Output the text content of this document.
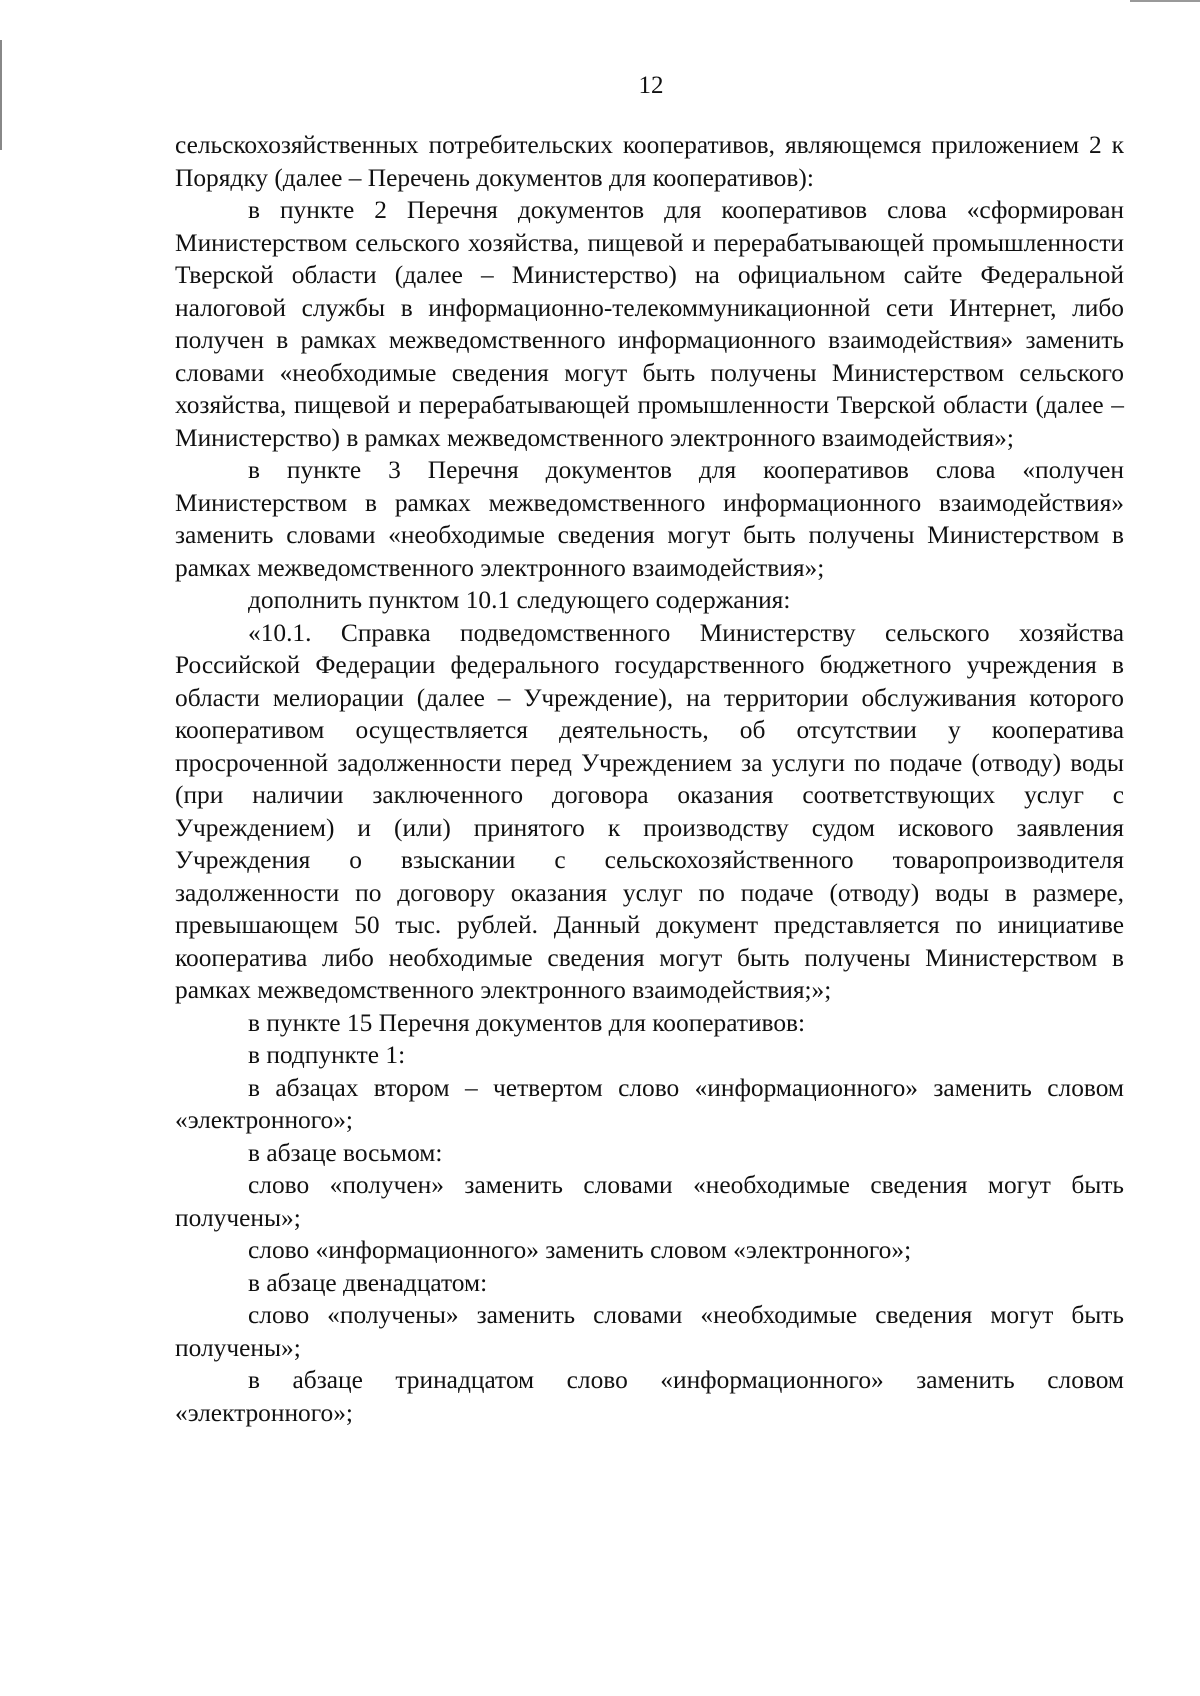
12

сельскохозяйственных потребительских кооперативов, являющемся приложением 2 к Порядку (далее – Перечень документов для кооперативов):

в пункте 2 Перечня документов для кооперативов слова «сформирован Министерством сельского хозяйства, пищевой и перерабатывающей промышленности Тверской области (далее – Министерство) на официальном сайте Федеральной налоговой службы в информационно-телекоммуникационной сети Интернет, либо получен в рамках межведомственного информационного взаимодействия» заменить словами «необходимые сведения могут быть получены Министерством сельского хозяйства, пищевой и перерабатывающей промышленности Тверской области (далее – Министерство) в рамках межведомственного электронного взаимодействия»;

в пункте 3 Перечня документов для кооперативов слова «получен Министерством в рамках межведомственного информационного взаимодействия» заменить словами «необходимые сведения могут быть получены Министерством в рамках межведомственного электронного взаимодействия»;

дополнить пунктом 10.1 следующего содержания:

«10.1. Справка подведомственного Министерству сельского хозяйства Российской Федерации федерального государственного бюджетного учреждения в области мелиорации (далее – Учреждение), на территории обслуживания которого кооперативом осуществляется деятельность, об отсутствии у кооператива просроченной задолженности перед Учреждением за услуги по подаче (отводу) воды (при наличии заключенного договора оказания соответствующих услуг с Учреждением) и (или) принятого к производству судом искового заявления Учреждения о взыскании с сельскохозяйственного товаропроизводителя задолженности по договору оказания услуг по подаче (отводу) воды в размере, превышающем 50 тыс. рублей. Данный документ представляется по инициативе кооператива либо необходимые сведения могут быть получены Министерством в рамках межведомственного электронного взаимодействия;»;

в пункте 15 Перечня документов для кооперативов:

в подпункте 1:

в абзацах втором – четвертом слово «информационного» заменить словом «электронного»;

в абзаце восьмом:

слово «получен» заменить словами «необходимые сведения могут быть получены»;

слово «информационного» заменить словом «электронного»;

в абзаце двенадцатом:

слово «получены» заменить словами «необходимые сведения могут быть получены»;

в абзаце тринадцатом слово «информационного» заменить словом «электронного»;
